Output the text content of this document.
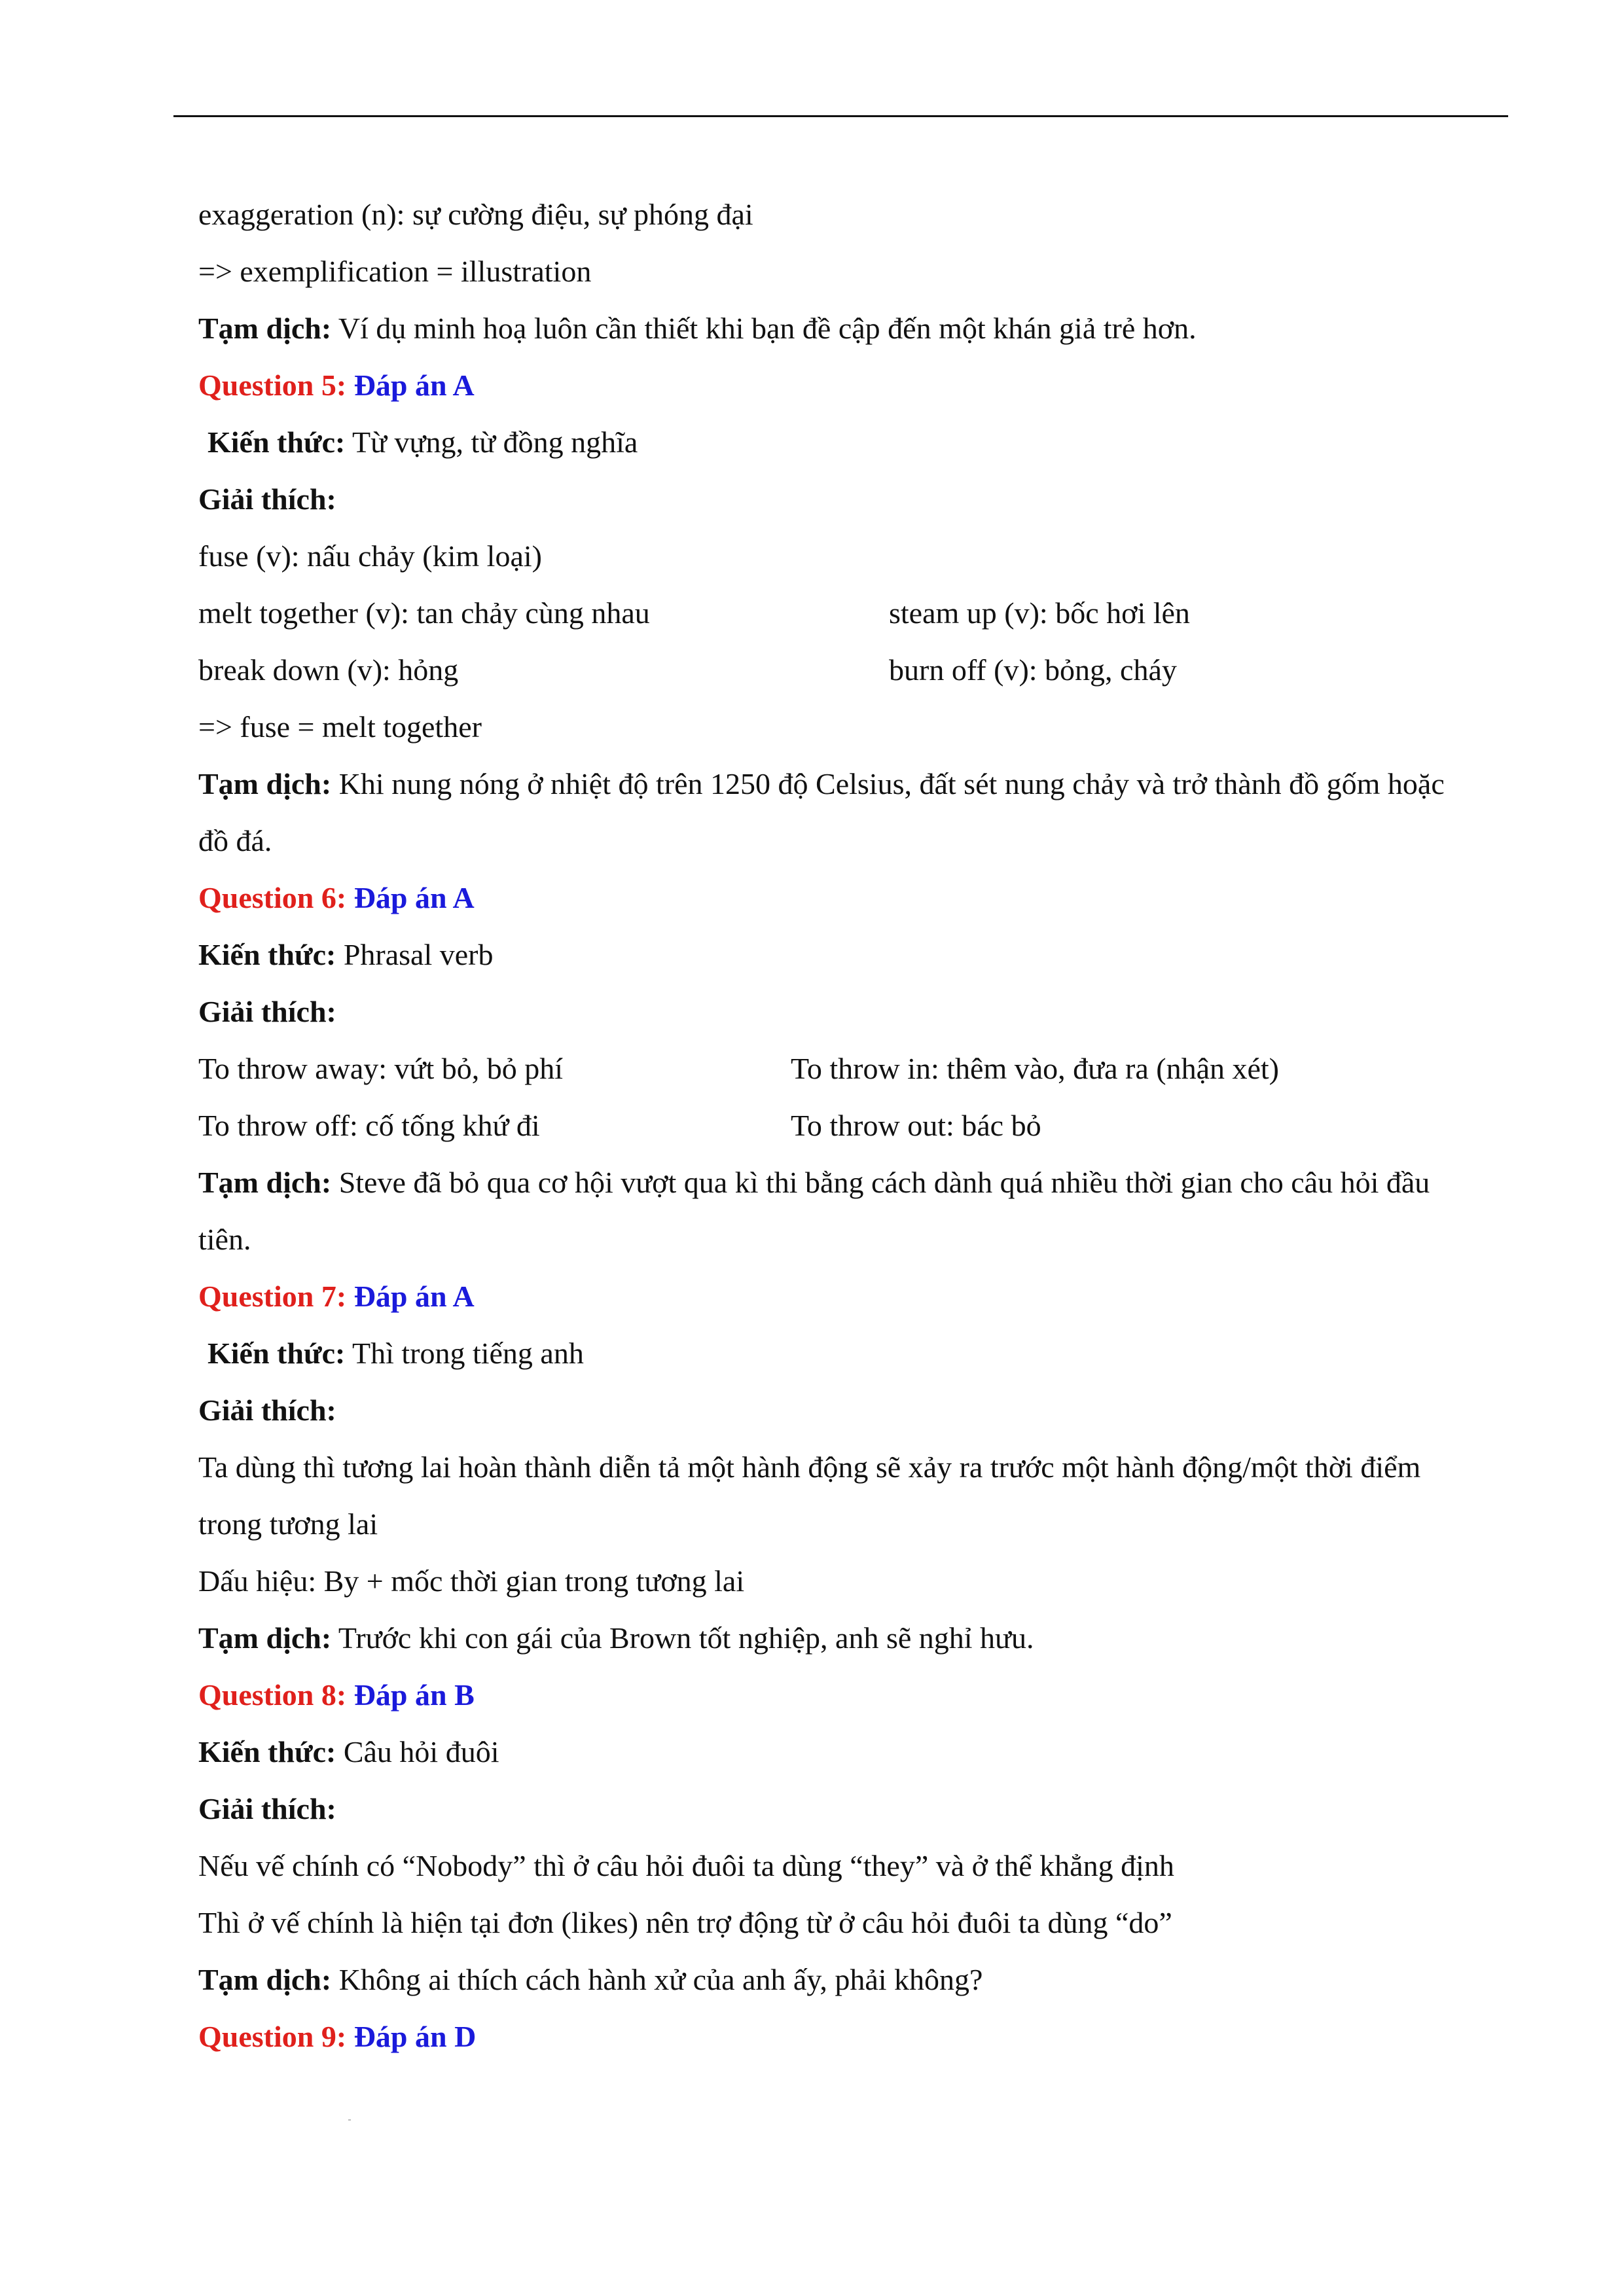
exaggeration (n): sự cường điệu, sự phóng đại
=> exemplification = illustration
Tạm dịch: Ví dụ minh hoạ luôn cần thiết khi bạn đề cập đến một khán giả trẻ hơn.
Question 5: Đáp án A
Kiến thức: Từ vựng, từ đồng nghĩa
Giải thích:
fuse (v): nấu chảy (kim loại)
melt together (v): tan chảy cùng nhau	steam up (v): bốc hơi lên
break down (v): hỏng	burn off (v): bỏng, cháy
=> fuse = melt together
Tạm dịch: Khi nung nóng ở nhiệt độ trên 1250 độ Celsius, đất sét nung chảy và trở thành đồ gốm hoặc đồ đá.
Question 6: Đáp án A
Kiến thức: Phrasal verb
Giải thích:
To throw away: vứt bỏ, bỏ phí	To throw in: thêm vào, đưa ra (nhận xét)
To throw off: cố tống khứ đi	To throw out: bác bỏ
Tạm dịch: Steve đã bỏ qua cơ hội vượt qua kì thi bằng cách dành quá nhiều thời gian cho câu hỏi đầu tiên.
Question 7: Đáp án A
Kiến thức: Thì trong tiếng anh
Giải thích:
Ta dùng thì tương lai hoàn thành diễn tả một hành động sẽ xảy ra trước một hành động/một thời điểm trong tương lai
Dấu hiệu: By + mốc thời gian trong tương lai
Tạm dịch: Trước khi con gái của Brown tốt nghiệp, anh sẽ nghỉ hưu.
Question 8: Đáp án B
Kiến thức: Câu hỏi đuôi
Giải thích:
Nếu vế chính có “Nobody” thì ở câu hỏi đuôi ta dùng “they” và ở thể khẳng định
Thì ở vế chính là hiện tại đơn (likes) nên trợ động từ ở câu hỏi đuôi ta dùng “do”
Tạm dịch: Không ai thích cách hành xử của anh ấy, phải không?
Question 9: Đáp án D
